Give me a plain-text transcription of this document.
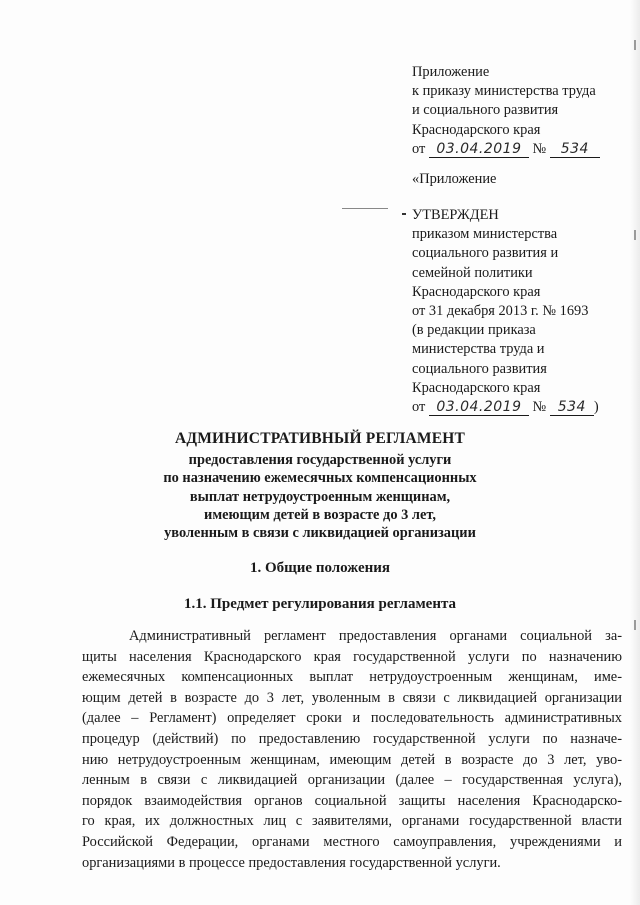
Приложение
к приказу министерства труда
и социального развития
Краснодарского края
от 03.04.2019 № 534
«Приложение
УТВЕРЖДЕН
приказом министерства
социального развития и
семейной политики
Краснодарского края
от 31 декабря 2013 г. № 1693
(в редакции приказа
министерства труда и
социального развития
Краснодарского края
от 03.04.2019 № 534 )
АДМИНИСТРАТИВНЫЙ РЕГЛАМЕНТ
предоставления государственной услуги
по назначению ежемесячных компенсационных
выплат нетрудоустроенным женщинам,
имеющим детей в возрасте до 3 лет,
уволенным в связи с ликвидацией организации
1. Общие положения
1.1. Предмет регулирования регламента
Административный регламент предоставления органами социальной за-
щиты населения Краснодарского края государственной услуги по назначению
ежемесячных компенсационных выплат нетрудоустроенным женщинам, име-
ющим детей в возрасте до 3 лет, уволенным в связи с ликвидацией организации
(далее – Регламент) определяет сроки и последовательность административных
процедур (действий) по предоставлению государственной услуги по назначе-
нию нетрудоустроенным женщинам, имеющим детей в возрасте до 3 лет, уво-
ленным в связи с ликвидацией организации (далее – государственная услуга),
порядок взаимодействия органов социальной защиты населения Краснодарско-
го края, их должностных лиц с заявителями, органами государственной власти
Российской Федерации, органами местного самоуправления, учреждениями и
организациями в процессе предоставления государственной услуги.
